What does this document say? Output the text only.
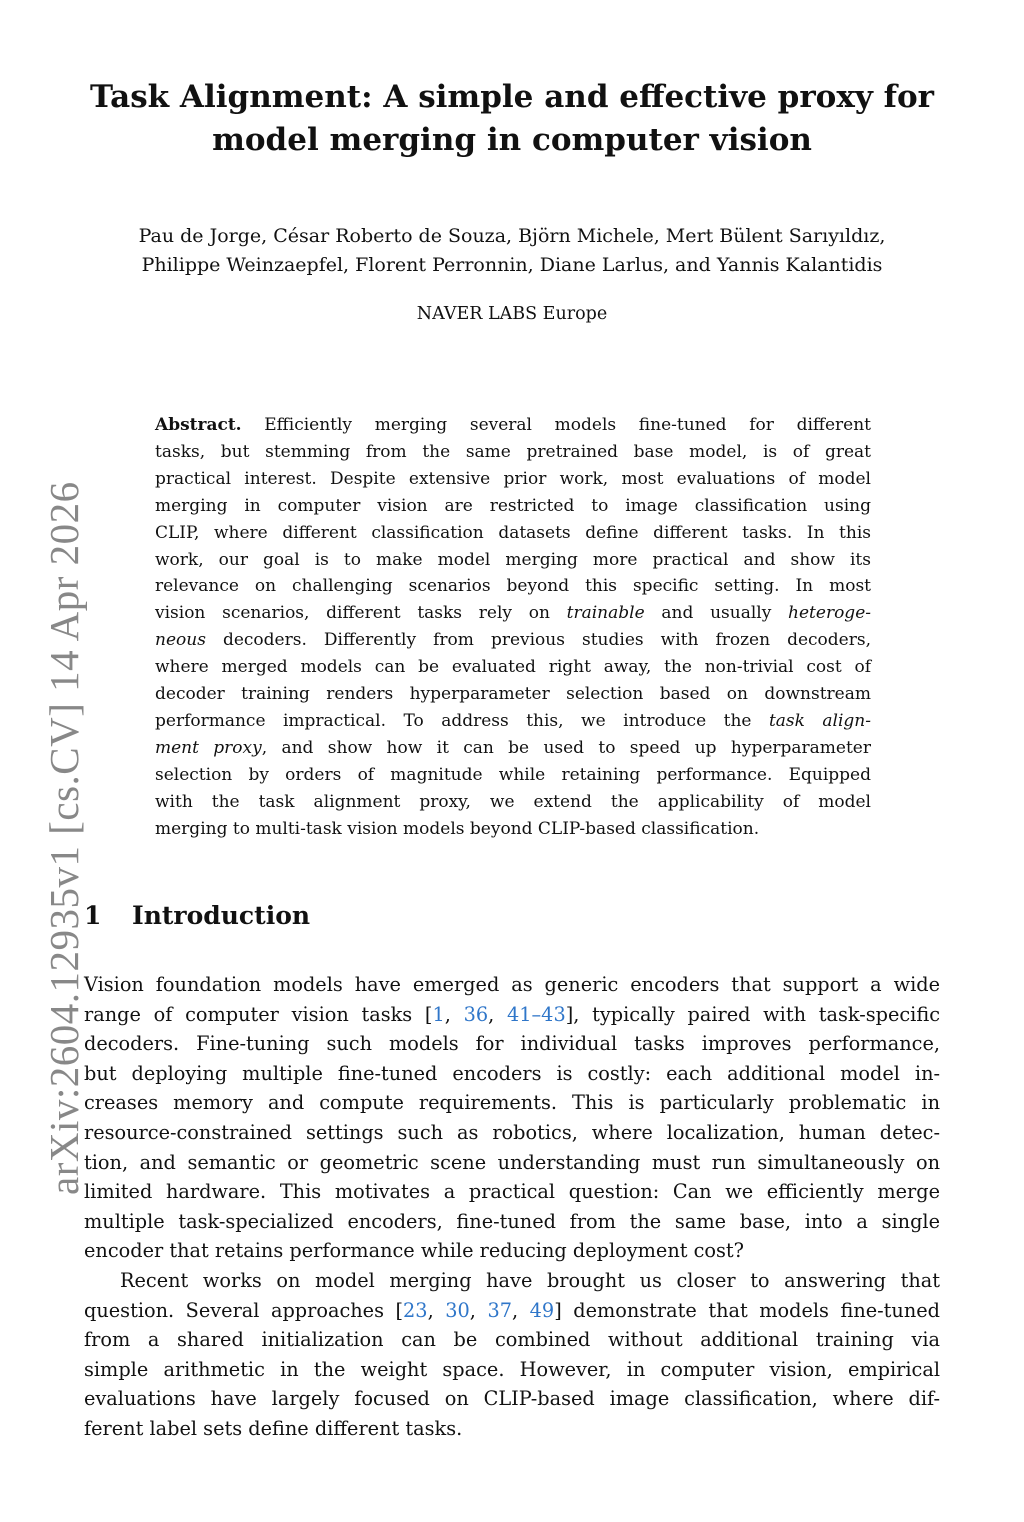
arXiv:2604.12935v1 [cs.CV] 14 Apr 2026
Task Alignment: A simple and effective proxy for
model merging in computer vision
Pau de Jorge, César Roberto de Souza, Björn Michele, Mert Bülent Sarıyıldız,
Philippe Weinzaepfel, Florent Perronnin, Diane Larlus, and Yannis Kalantidis
NAVER LABS Europe
Abstract. Efficiently merging several models fine-tuned for different
tasks, but stemming from the same pretrained base model, is of great
practical interest. Despite extensive prior work, most evaluations of model
merging in computer vision are restricted to image classification using
CLIP, where different classification datasets define different tasks. In this
work, our goal is to make model merging more practical and show its
relevance on challenging scenarios beyond this specific setting. In most
vision scenarios, different tasks rely on trainable and usually heteroge-
neous decoders. Differently from previous studies with frozen decoders,
where merged models can be evaluated right away, the non-trivial cost of
decoder training renders hyperparameter selection based on downstream
performance impractical. To address this, we introduce the task align-
ment proxy, and show how it can be used to speed up hyperparameter
selection by orders of magnitude while retaining performance. Equipped
with the task alignment proxy, we extend the applicability of model
merging to multi-task vision models beyond CLIP-based classification.
1 Introduction
Vision foundation models have emerged as generic encoders that support a wide
range of computer vision tasks [1, 36, 41–43], typically paired with task-specific
decoders. Fine-tuning such models for individual tasks improves performance,
but deploying multiple fine-tuned encoders is costly: each additional model in-
creases memory and compute requirements. This is particularly problematic in
resource-constrained settings such as robotics, where localization, human detec-
tion, and semantic or geometric scene understanding must run simultaneously on
limited hardware. This motivates a practical question: Can we efficiently merge
multiple task-specialized encoders, fine-tuned from the same base, into a single
encoder that retains performance while reducing deployment cost?
Recent works on model merging have brought us closer to answering that
question. Several approaches [23, 30, 37, 49] demonstrate that models fine-tuned
from a shared initialization can be combined without additional training via
simple arithmetic in the weight space. However, in computer vision, empirical
evaluations have largely focused on CLIP-based image classification, where dif-
ferent label sets define different tasks.
